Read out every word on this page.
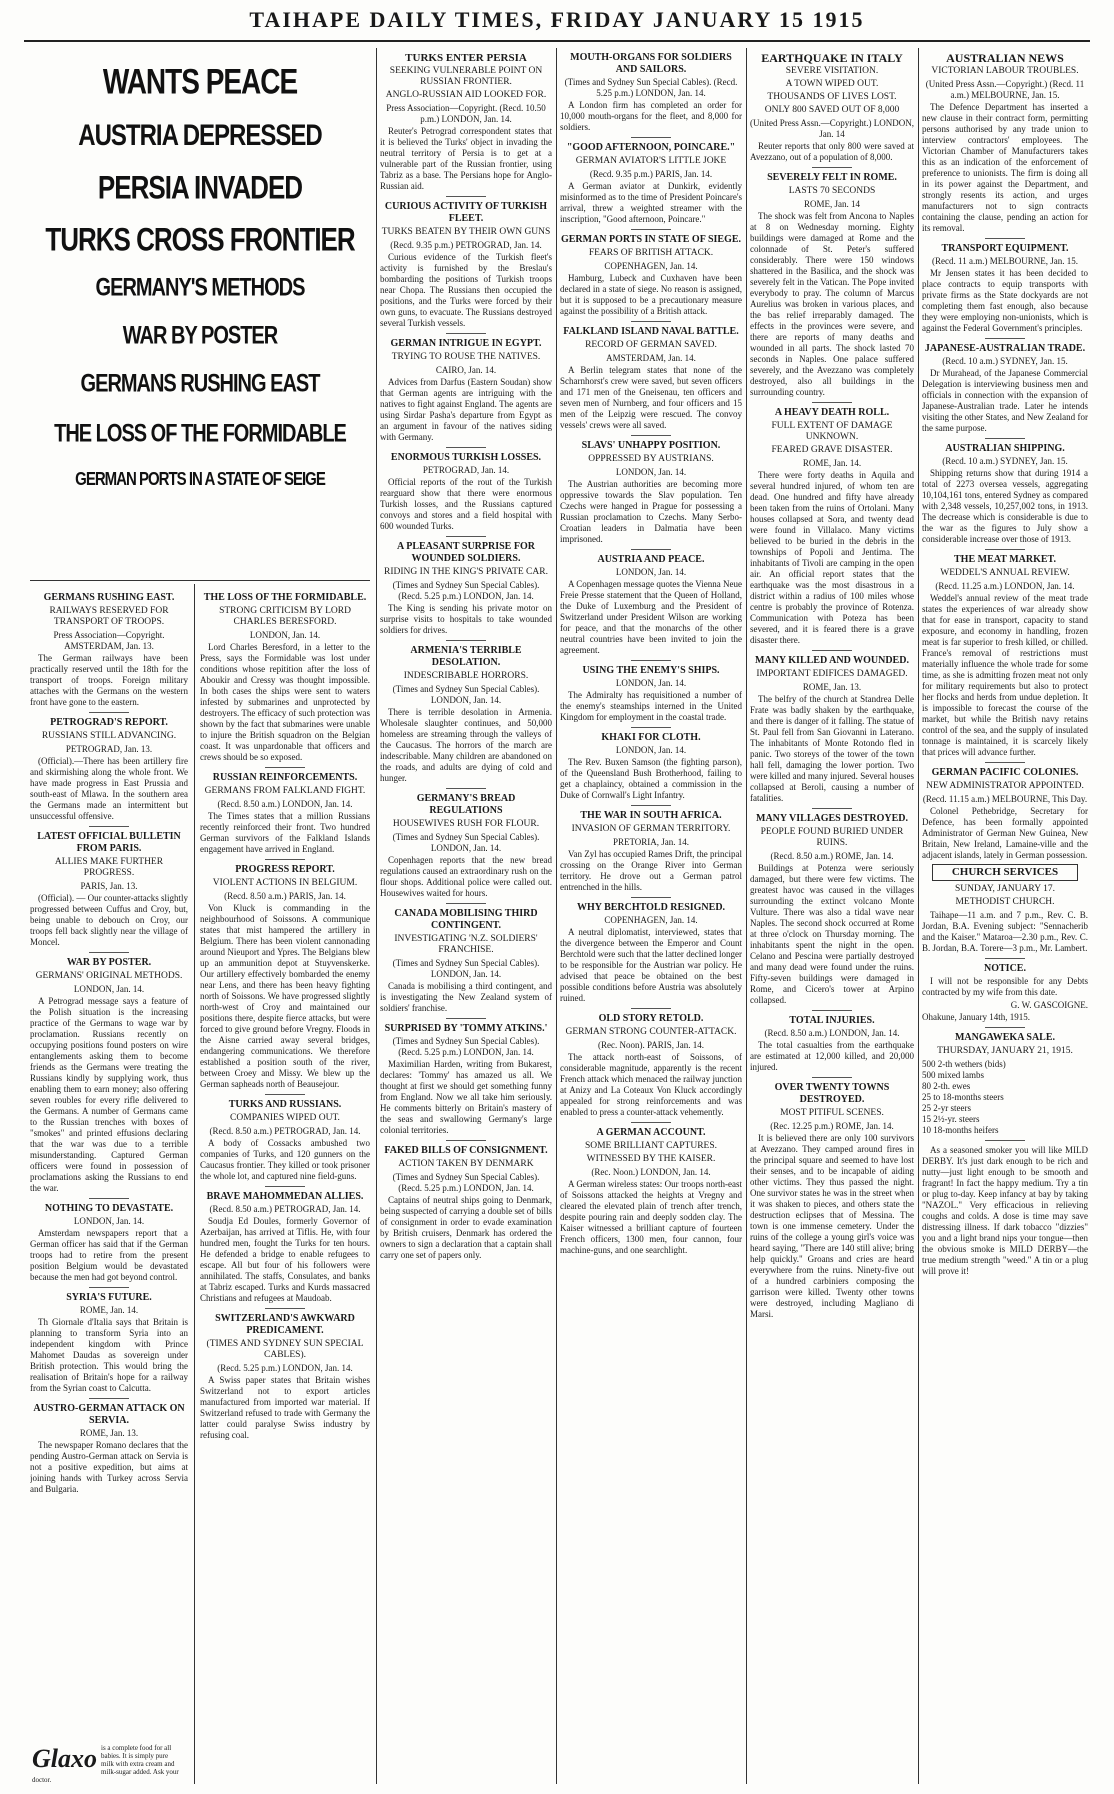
TAIHAPE DAILY TIMES, FRIDAY JANUARY 15 1915
WANTS PEACE
AUSTRIA DEPRESSED
PERSIA INVADED
TURKS CROSS FRONTIER
GERMANY'S METHODS
WAR BY POSTER
GERMANS RUSHING EAST
THE LOSS OF THE FORMIDABLE
GERMAN PORTS IN A STATE OF SEIGE
GERMANS RUSHING EAST.
RAILWAYS RESERVED FOR TRANSPORT OF TROOPS.
Press Association—Copyright. AMSTERDAM, Jan. 13.

The German railways have been practically reserved until the 18th for the transport of troops. Foreign military attaches with the Germans on the western front have gone to the eastern.

PETROGRAD'S REPORT.
RUSSIANS STILL ADVANCING.
PETROGRAD, Jan. 13.

(Official).—There has been artillery fire and skirmishing along the whole front. We have made progress in East Prussia and south-east of Mlawa. In the southern area the Germans made an intermittent but unsuccessful offensive.

LATEST OFFICIAL BULLETIN FROM PARIS.
ALLIES MAKE FURTHER PROGRESS.
PARIS, Jan. 13.

(Official). — Our counter-attacks slightly progressed between Cuffus and Croy, but, being unable to debouch on Croy, our troops fell back slightly near the village of Moncel.

WAR BY POSTER.
GERMANS' ORIGINAL METHODS.
LONDON, Jan. 14.

A Petrograd message says a feature of the Polish situation is the increasing practice of the Germans to wage war by proclamation. Russians recently on occupying positions found posters on wire entanglements asking them to become friends as the Germans were treating the Russians kindly by supplying work, thus enabling them to earn money; also offering seven roubles for every rifle delivered to the Germans. A number of Germans came to the Russian trenches with boxes of "smokes" and printed effusions declaring that the war was due to a terrible misunderstanding. Captured German officers were found in possession of proclamations asking the Russians to end the war.

NOTHING TO DEVASTATE.
LONDON, Jan. 14.

Amsterdam newspapers report that a German officer has said that if the German troops had to retire from the present position Belgium would be devastated because the men had got beyond control.

SYRIA'S FUTURE.
ROME, Jan. 14.

Th Giornale d'Italia says that Britain is planning to transform Syria into an independent kingdom with Prince Mahomet Daudas as sovereign under British protection. This would bring the realisation of Britain's hope for a railway from the Syrian coast to Calcutta.

AUSTRO-GERMAN ATTACK ON SERVIA.
ROME, Jan. 13.

The newspaper Romano declares that the pending Austro-German attack on Servia is not a positive expedition, but aims at joining hands with Turkey across Servia and Bulgaria.

Glaxo is a complete food for all babies. It is simply pure milk with extra cream and milk-sugar added. Ask your doctor.
THE LOSS OF THE FORMIDABLE.
STRONG CRITICISM BY LORD CHARLES BERESFORD.
LONDON, Jan. 14.

Lord Charles Beresford, in a letter to the Press, says the Formidable was lost under conditions whose repitition after the loss of Aboukir and Cressy was thought impossible. In both cases the ships were sent to waters infested by submarines and unprotected by destroyers. The efficacy of such protection was shown by the fact that submarines were unable to injure the British squadron on the Belgian coast. It was unpardonable that officers and crews should be so exposed.

RUSSIAN REINFORCEMENTS.
GERMANS FROM FALKLAND FIGHT.
(Recd. 8.50 a.m.) LONDON, Jan. 14.

The Times states that a million Russians recently reinforced their front. Two hundred German survivors of the Falkland Islands engagement have arrived in England.

PROGRESS REPORT.
VIOLENT ACTIONS IN BELGIUM.
(Recd. 8.50 a.m.) PARIS, Jan. 14.

Von Kluck is commanding in the neighbourhood of Soissons. A communique states that mist hampered the artillery in Belgium. There has been violent cannonading around Nieuport and Ypres. The Belgians blew up an ammunition depot at Stuyvenskerke. Our artillery effectively bombarded the enemy near Lens, and there has been heavy fighting north of Soissons. We have progressed slightly north-west of Croy and maintained our positions there, despite fierce attacks, but were forced to give ground before Vregny. Floods in the Aisne carried away several bridges, endangering communications. We therefore established a position south of the river, between Croey and Missy. We blew up the German sapheads north of Beausejour.

TURKS AND RUSSIANS.
COMPANIES WIPED OUT.
(Recd. 8.50 a.m.) PETROGRAD, Jan. 14.

A body of Cossacks ambushed two companies of Turks, and 120 gunners on the Caucasus frontier. They killed or took prisoner the whole lot, and captured nine field-guns.

BRAVE MAHOMMEDAN ALLIES.
(Recd. 8.50 a.m.) PETROGRAD, Jan. 14.

Soudja Ed Doules, formerly Governor of Azerbaijan, has arrived at Tiflis. He, with four hundred men, fought the Turks for ten hours. He defended a bridge to enable refugees to escape. All but four of his followers were annihilated. The staffs, Consulates, and banks at Tabriz escaped. Turks and Kurds massacred Christians and refugees at Maudoab.

SWITZERLAND'S AWKWARD PREDICAMENT.
(TIMES AND SYDNEY SUN SPECIAL CABLES).
(Recd. 5.25 p.m.) LONDON, Jan. 14.

A Swiss paper states that Britain wishes Switzerland not to export articles manufactured from imported war material. If Switzerland refused to trade with Germany the latter could paralyse Swiss industry by refusing coal.

TURKS ENTER PERSIA
SEEKING VULNERABLE POINT ON RUSSIAN FRONTIER.
ANGLO-RUSSIAN AID LOOKED FOR.
Press Association—Copyright. (Recd. 10.50 p.m.) LONDON, Jan. 14.

Reuter's Petrograd correspondent states that it is believed the Turks' object in invading the neutral territory of Persia is to get at a vulnerable part of the Russian frontier, using Tabriz as a base. The Persians hope for Anglo-Russian aid.

CURIOUS ACTIVITY OF TURKISH FLEET.
TURKS BEATEN BY THEIR OWN GUNS
(Recd. 9.35 p.m.) PETROGRAD, Jan. 14.

Curious evidence of the Turkish fleet's activity is furnished by the Breslau's bombarding the positions of Turkish troops near Chopa. The Russians then occupied the positions, and the Turks were forced by their own guns, to evacuate. The Russians destroyed several Turkish vessels.

GERMAN INTRIGUE IN EGYPT.
TRYING TO ROUSE THE NATIVES.
CAIRO, Jan. 14.

Advices from Darfus (Eastern Soudan) show that German agents are intriguing with the natives to fight against England. The agents are using Sirdar Pasha's departure from Egypt as an argument in favour of the natives siding with Germany.

ENORMOUS TURKISH LOSSES.
PETROGRAD, Jan. 14.

Official reports of the rout of the Turkish rearguard show that there were enormous Turkish losses, and the Russians captured convoys and stores and a field hospital with 600 wounded Turks.

A PLEASANT SURPRISE FOR WOUNDED SOLDIERS.
RIDING IN THE KING'S PRIVATE CAR.
(Times and Sydney Sun Special Cables). (Recd. 5.25 p.m.) LONDON, Jan. 14.

The King is sending his private motor on surprise visits to hospitals to take wounded soldiers for drives.

ARMENIA'S TERRIBLE DESOLATION.
INDESCRIBABLE HORRORS.
(Times and Sydney Sun Special Cables). LONDON, Jan. 14.

There is terrible desolation in Armenia. Wholesale slaughter continues, and 50,000 homeless are streaming through the valleys of the Caucasus. The horrors of the march are indescribable. Many children are abandoned on the roads, and adults are dying of cold and hunger.

GERMANY'S BREAD REGULATIONS
HOUSEWIVES RUSH FOR FLOUR.
(Times and Sydney Sun Special Cables). LONDON, Jan. 14.

Copenhagen reports that the new bread regulations caused an extraordinary rush on the flour shops. Additional police were called out. Housewives waited for hours.

CANADA MOBILISING THIRD CONTINGENT.
INVESTIGATING 'N.Z. SOLDIERS' FRANCHISE.
(Times and Sydney Sun Special Cables). LONDON, Jan. 14.

Canada is mobilising a third contingent, and is investigating the New Zealand system of soldiers' franchise.

SURPRISED BY 'TOMMY ATKINS.'
(Times and Sydney Sun Special Cables). (Recd. 5.25 p.m.) LONDON, Jan. 14.

Maximilian Harden, writing from Bukarest, declares: 'Tommy' has amazed us all. We thought at first we should get something funny from England. Now we all take him seriously. He comments bitterly on Britain's mastery of the seas and swallowing Germany's large colonial territories.

FAKED BILLS OF CONSIGNMENT.
ACTION TAKEN BY DENMARK
(Times and Sydney Sun Special Cables). (Recd. 5.25 p.m.) LONDON, Jan. 14.

Captains of neutral ships going to Denmark, being suspected of carrying a double set of bills of consignment in order to evade examination by British cruisers, Denmark has ordered the owners to sign a declaration that a captain shall carry one set of papers only.

MOUTH-ORGANS FOR SOLDIERS AND SAILORS.
(Times and Sydney Sun Special Cables). (Recd. 5.25 p.m.) LONDON, Jan. 14.

A London firm has completed an order for 10,000 mouth-organs for the fleet, and 8,000 for soldiers.

"GOOD AFTERNOON, POINCARE."
GERMAN AVIATOR'S LITTLE JOKE
(Recd. 9.35 p.m.) PARIS, Jan. 14.

A German aviator at Dunkirk, evidently misinformed as to the time of President Poincare's arrival, threw a weighted streamer with the inscription, "Good afternoon, Poincare."

GERMAN PORTS IN STATE OF SIEGE.
FEARS OF BRITISH ATTACK.
COPENHAGEN, Jan. 14.

Hamburg, Lubeck and Cuxhaven have been declared in a state of siege. No reason is assigned, but it is supposed to be a precautionary measure against the possibility of a British attack.

FALKLAND ISLAND NAVAL BATTLE.
RECORD OF GERMAN SAVED.
AMSTERDAM, Jan. 14.

A Berlin telegram states that none of the Scharnhorst's crew were saved, but seven officers and 171 men of the Gneisenau, ten officers and seven men of Nurnberg, and four officers and 15 men of the Leipzig were rescued. The convoy vessels' crews were all saved.

SLAVS' UNHAPPY POSITION.
OPPRESSED BY AUSTRIANS.
LONDON, Jan. 14.

The Austrian authorities are becoming more oppressive towards the Slav population. Ten Czechs were hanged in Prague for possessing a Russian proclamation to Czechs. Many Serbo-Croatian leaders in Dalmatia have been imprisoned.

AUSTRIA AND PEACE.
LONDON, Jan. 14.

A Copenhagen message quotes the Vienna Neue Freie Presse statement that the Queen of Holland, the Duke of Luxemburg and the President of Switzerland under President Wilson are working for peace, and that the monarchs of the other neutral countries have been invited to join the agreement.

USING THE ENEMY'S SHIPS.
LONDON, Jan. 14.

The Admiralty has requisitioned a number of the enemy's steamships interned in the United Kingdom for employment in the coastal trade.

KHAKI FOR CLOTH.
LONDON, Jan. 14.

The Rev. Buxen Samson (the fighting parson), of the Queensland Bush Brotherhood, failing to get a chaplaincy, obtained a commission in the Duke of Cornwall's Light Infantry.

THE WAR IN SOUTH AFRICA.
INVASION OF GERMAN TERRITORY.
PRETORIA, Jan. 14.

Van Zyl has occupied Rames Drift, the principal crossing on the Orange River into German territory. He drove out a German patrol entrenched in the hills.

WHY BERCHTOLD RESIGNED.
COPENHAGEN, Jan. 14.

A neutral diplomatist, interviewed, states that the divergence between the Emperor and Count Berchtold were such that the latter declined longer to be responsible for the Austrian war policy. He advised that peace be obtained on the best possible conditions before Austria was absolutely ruined.

OLD STORY RETOLD.
GERMAN STRONG COUNTER-ATTACK.
(Rec. Noon). PARIS, Jan. 14.

The attack north-east of Soissons, of considerable magnitude, apparently is the recent French attack which menaced the railway junction at Anizy and La Coteaux Von Kluck accordingly appealed for strong reinforcements and was enabled to press a counter-attack vehemently.

A GERMAN ACCOUNT.
SOME BRILLIANT CAPTURES.
WITNESSED BY THE KAISER.
(Rec. Noon.) LONDON, Jan. 14.

A German wireless states: Our troops north-east of Soissons attacked the heights at Vregny and cleared the elevated plain of trench after trench, despite pouring rain and deeply sodden clay. The Kaiser witnessed a brilliant capture of fourteen French officers, 1300 men, four cannon, four machine-guns, and one searchlight.

EARTHQUAKE IN ITALY
SEVERE VISITATION.
A TOWN WIPED OUT.
THOUSANDS OF LIVES LOST.
ONLY 800 SAVED OUT OF 8,000
(United Press Assn.—Copyright.) LONDON, Jan. 14

Reuter reports that only 800 were saved at Avezzano, out of a population of 8,000.

SEVERELY FELT IN ROME.
LASTS 70 SECONDS
ROME, Jan. 14

The shock was felt from Ancona to Naples at 8 on Wednesday morning. Eighty buildings were damaged at Rome and the colonnade of St. Peter's suffered considerably. There were 150 windows shattered in the Basilica, and the shock was severely felt in the Vatican. The Pope invited everybody to pray. The column of Marcus Aurelius was broken in various places, and the bas relief irreparably damaged. The effects in the provinces were severe, and there are reports of many deaths and wounded in all parts. The shock lasted 70 seconds in Naples. One palace suffered severely, and the Avezzano was completely destroyed, also all buildings in the surrounding country.

A HEAVY DEATH ROLL.
FULL EXTENT OF DAMAGE UNKNOWN.
FEARED GRAVE DISASTER.
ROME, Jan. 14.

There were forty deaths in Aquila and several hundred injured, of whom ten are dead. One hundred and fifty have already been taken from the ruins of Ortolani. Many houses collapsed at Sora, and twenty dead were found in Villalaco. Many victims believed to be buried in the debris in the townships of Popoli and Jentima. The inhabitants of Tivoli are camping in the open air. An official report states that the earthquake was the most disastrous in a district within a radius of 100 miles whose centre is probably the province of Rotenza. Communication with Poteza has been severed, and it is feared there is a grave disaster there.

MANY KILLED AND WOUNDED.
IMPORTANT EDIFICES DAMAGED.
ROME, Jan. 13.

The belfry of the church at Standrea Delle Frate was badly shaken by the earthquake, and there is danger of it falling. The statue of St. Paul fell from San Giovanni in Laterano. The inhabitants of Monte Rotondo fled in panic. Two storeys of the tower of the town hall fell, damaging the lower portion. Two were killed and many injured. Several houses collapsed at Beroli, causing a number of fatalities.

MANY VILLAGES DESTROYED.
PEOPLE FOUND BURIED UNDER RUINS.
(Recd. 8.50 a.m.) ROME, Jan. 14.

Buildings at Potenza were seriously damaged, but there were few victims. The greatest havoc was caused in the villages surrounding the extinct volcano Monte Vulture. There was also a tidal wave near Naples. The second shock occurred at Rome at three o'clock on Thursday morning. The inhabitants spent the night in the open. Celano and Pescina were partially destroyed and many dead were found under the ruins. Fifty-seven buildings were damaged in Rome, and Cicero's tower at Arpino collapsed.

TOTAL INJURIES.
(Recd. 8.50 a.m.) LONDON, Jan. 14.

The total casualties from the earthquake are estimated at 12,000 killed, and 20,000 injured.

OVER TWENTY TOWNS DESTROYED.
MOST PITIFUL SCENES.
(Rec. 12.25 p.m.) ROME, Jan. 14.

It is believed there are only 100 survivors at Avezzano. They camped around fires in the principal square and seemed to have lost their senses, and to be incapable of aiding other victims. They thus passed the night. One survivor states he was in the street when it was shaken to pieces, and others state the destruction eclipses that of Messina. The town is one immense cemetery. Under the ruins of the college a young girl's voice was heard saying, "There are 140 still alive; bring help quickly." Groans and cries are heard everywhere from the ruins. Ninety-five out of a hundred carbiniers composing the garrison were killed. Twenty other towns were destroyed, including Magliano di Marsi.

AUSTRALIAN NEWS
VICTORIAN LABOUR TROUBLES.
(United Press Assn.—Copyright.) (Recd. 11 a.m.) MELBOURNE, Jan. 15.

The Defence Department has inserted a new clause in their contract form, permitting persons authorised by any trade union to interview contractors' employees. The Victorian Chamber of Manufacturers takes this as an indication of the enforcement of preference to unionists. The firm is doing all in its power against the Department, and strongly resents its action, and urges manufacturers not to sign contracts containing the clause, pending an action for its removal.

TRANSPORT EQUIPMENT.
(Recd. 11 a.m.) MELBOURNE, Jan. 15.

Mr Jensen states it has been decided to place contracts to equip transports with private firms as the State dockyards are not completing them fast enough, also because they were employing non-unionists, which is against the Federal Government's principles.

JAPANESE-AUSTRALIAN TRADE.
(Recd. 10 a.m.) SYDNEY, Jan. 15.

Dr Murahead, of the Japanese Commercial Delegation is interviewing business men and officials in connection with the expansion of Japanese-Australian trade. Later he intends visiting the other States, and New Zealand for the same purpose.

AUSTRALIAN SHIPPING.
(Recd. 10 a.m.) SYDNEY, Jan. 15.

Shipping returns show that during 1914 a total of 2273 oversea vessels, aggregating 10,104,161 tons, entered Sydney as compared with 2,348 vessels, 10,257,002 tons, in 1913. The decrease which is considerable is due to the war as the figures to July show a considerable increase over those of 1913.

THE MEAT MARKET.
WEDDEL'S ANNUAL REVIEW.
(Recd. 11.25 a.m.) LONDON, Jan. 14.

Weddel's annual review of the meat trade states the experiences of war already show that for ease in transport, capacity to stand exposure, and economy in handling, frozen meat is far superior to fresh killed, or chilled. France's removal of restrictions must materially influence the whole trade for some time, as she is admitting frozen meat not only for military requirements but also to protect her flocks and herds from undue depletion. It is impossible to forecast the course of the market, but while the British navy retains control of the sea, and the supply of insulated tonnage is maintained, it is scarcely likely that prices will advance further.

GERMAN PACIFIC COLONIES.
NEW ADMINISTRATOR APPOINTED.
(Recd. 11.15 a.m.) MELBOURNE, This Day.

Colonel Pethebridge, Secretary for Defence, has been formally appointed Administrator of German New Guinea, New Britain, New Ireland, Lamaine-ville and the adjacent islands, lately in German possession.

CHURCH SERVICES
SUNDAY, JANUARY 17.
METHODIST CHURCH.

Taihape—11 a.m. and 7 p.m., Rev. C. B. Jordan, B.A. Evening subject: "Sennacherib and the Kaiser." Mataroa—2.30 p.m., Rev. C. B. Jordan, B.A. Torere—3 p.m., Mr. Lambert.

NOTICE.

I will not be responsible for any Debts contracted by my wife from this date.

G. W. GASCOIGNE.
Ohakune, January 14th, 1915.
MANGAWEKA SALE.
THURSDAY, JANUARY 21, 1915.
500 2-th wethers (bids)
500 mixed lambs
80 2-th. ewes
25 to 18-months steers
25 2-yr steers
15 2½-yr. steers
10 18-months heifers

As a seasoned smoker you will like MILD DERBY. It's just dark enough to be rich and nutty—just light enough to be smooth and fragrant! In fact the happy medium. Try a tin or plug to-day. Keep infancy at bay by taking "NAZOL." Very efficacious in relieving coughs and colds. A dose is time may save distressing illness. If dark tobacco "dizzies" you and a light brand nips your tongue—then the obvious smoke is MILD DERBY—the true medium strength "weed." A tin or a plug will prove it!
